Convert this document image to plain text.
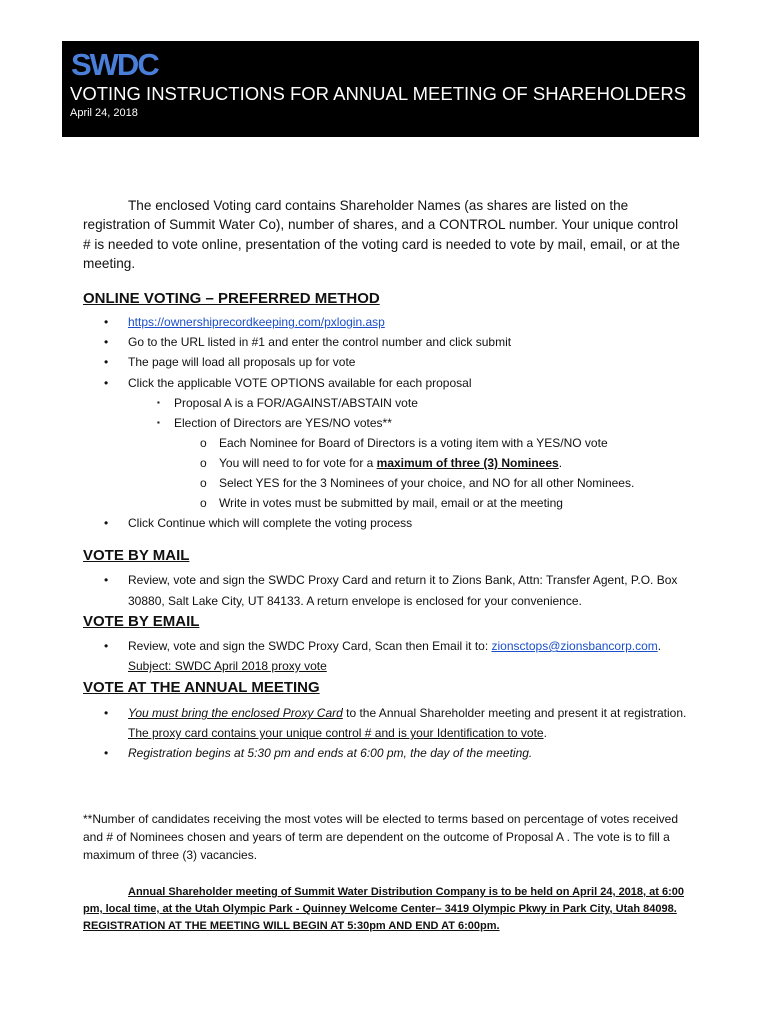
SWDC
VOTING INSTRUCTIONS FOR ANNUAL MEETING OF SHAREHOLDERS
April 24, 2018
The enclosed Voting card contains Shareholder Names (as shares are listed on the registration of Summit Water Co), number of shares, and a CONTROL number. Your unique control # is needed to vote online, presentation of the voting card is needed to vote by mail, email, or at the meeting.
ONLINE VOTING – PREFERRED METHOD
• https://ownershiprecordkeeping.com/pxlogin.asp
• Go to the URL listed in #1 and enter the control number and click submit
• The page will load all proposals up for vote
• Click the applicable VOTE OPTIONS available for each proposal
▪ Proposal A is a FOR/AGAINST/ABSTAIN vote
▪ Election of Directors are YES/NO votes**
o Each Nominee for Board of Directors is a voting item with a YES/NO vote
o You will need to for vote for a maximum of three (3) Nominees.
o Select YES for the 3 Nominees of your choice, and NO for all other Nominees.
o Write in votes must be submitted by mail, email or at the meeting
• Click Continue which will complete the voting process
VOTE BY MAIL
• Review, vote and sign the SWDC Proxy Card and return it to Zions Bank, Attn: Transfer Agent, P.O. Box 30880, Salt Lake City, UT 84133. A return envelope is enclosed for your convenience.
VOTE BY EMAIL
• Review, vote and sign the SWDC Proxy Card, Scan then Email it to: zionsctops@zionsbancorp.com.
Subject: SWDC April 2018 proxy vote
VOTE AT THE ANNUAL MEETING
• You must bring the enclosed Proxy Card to the Annual Shareholder meeting and present it at registration. The proxy card contains your unique control # and is your Identification to vote.
• Registration begins at 5:30 pm and ends at 6:00 pm, the day of the meeting.
**Number of candidates receiving the most votes will be elected to terms based on percentage of votes received and # of Nominees chosen and years of term are dependent on the outcome of Proposal A . The vote is to fill a maximum of three (3) vacancies.
Annual Shareholder meeting of Summit Water Distribution Company is to be held on April 24, 2018, at 6:00 pm, local time, at the Utah Olympic Park - Quinney Welcome Center– 3419 Olympic Pkwy in Park City, Utah 84098. REGISTRATION AT THE MEETING WILL BEGIN AT 5:30pm AND END AT 6:00pm.
